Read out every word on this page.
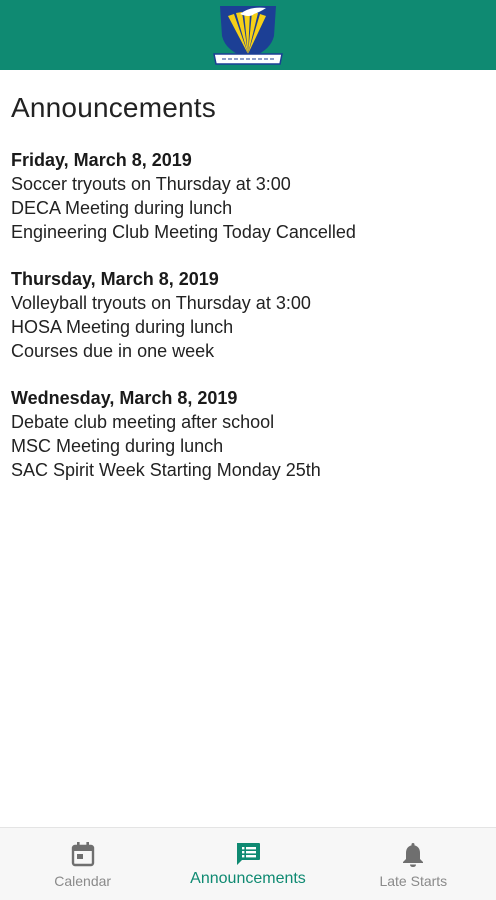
Announcements
Friday, March 8, 2019
Soccer tryouts on Thursday at 3:00
DECA Meeting during lunch
Engineering Club Meeting Today Cancelled
Thursday, March 8, 2019
Volleyball tryouts on Thursday at 3:00
HOSA Meeting during lunch
Courses due in one week
Wednesday, March 8, 2019
Debate club meeting after school
MSC Meeting during lunch
SAC Spirit Week Starting Monday 25th
Calendar	Announcements	Late Starts
